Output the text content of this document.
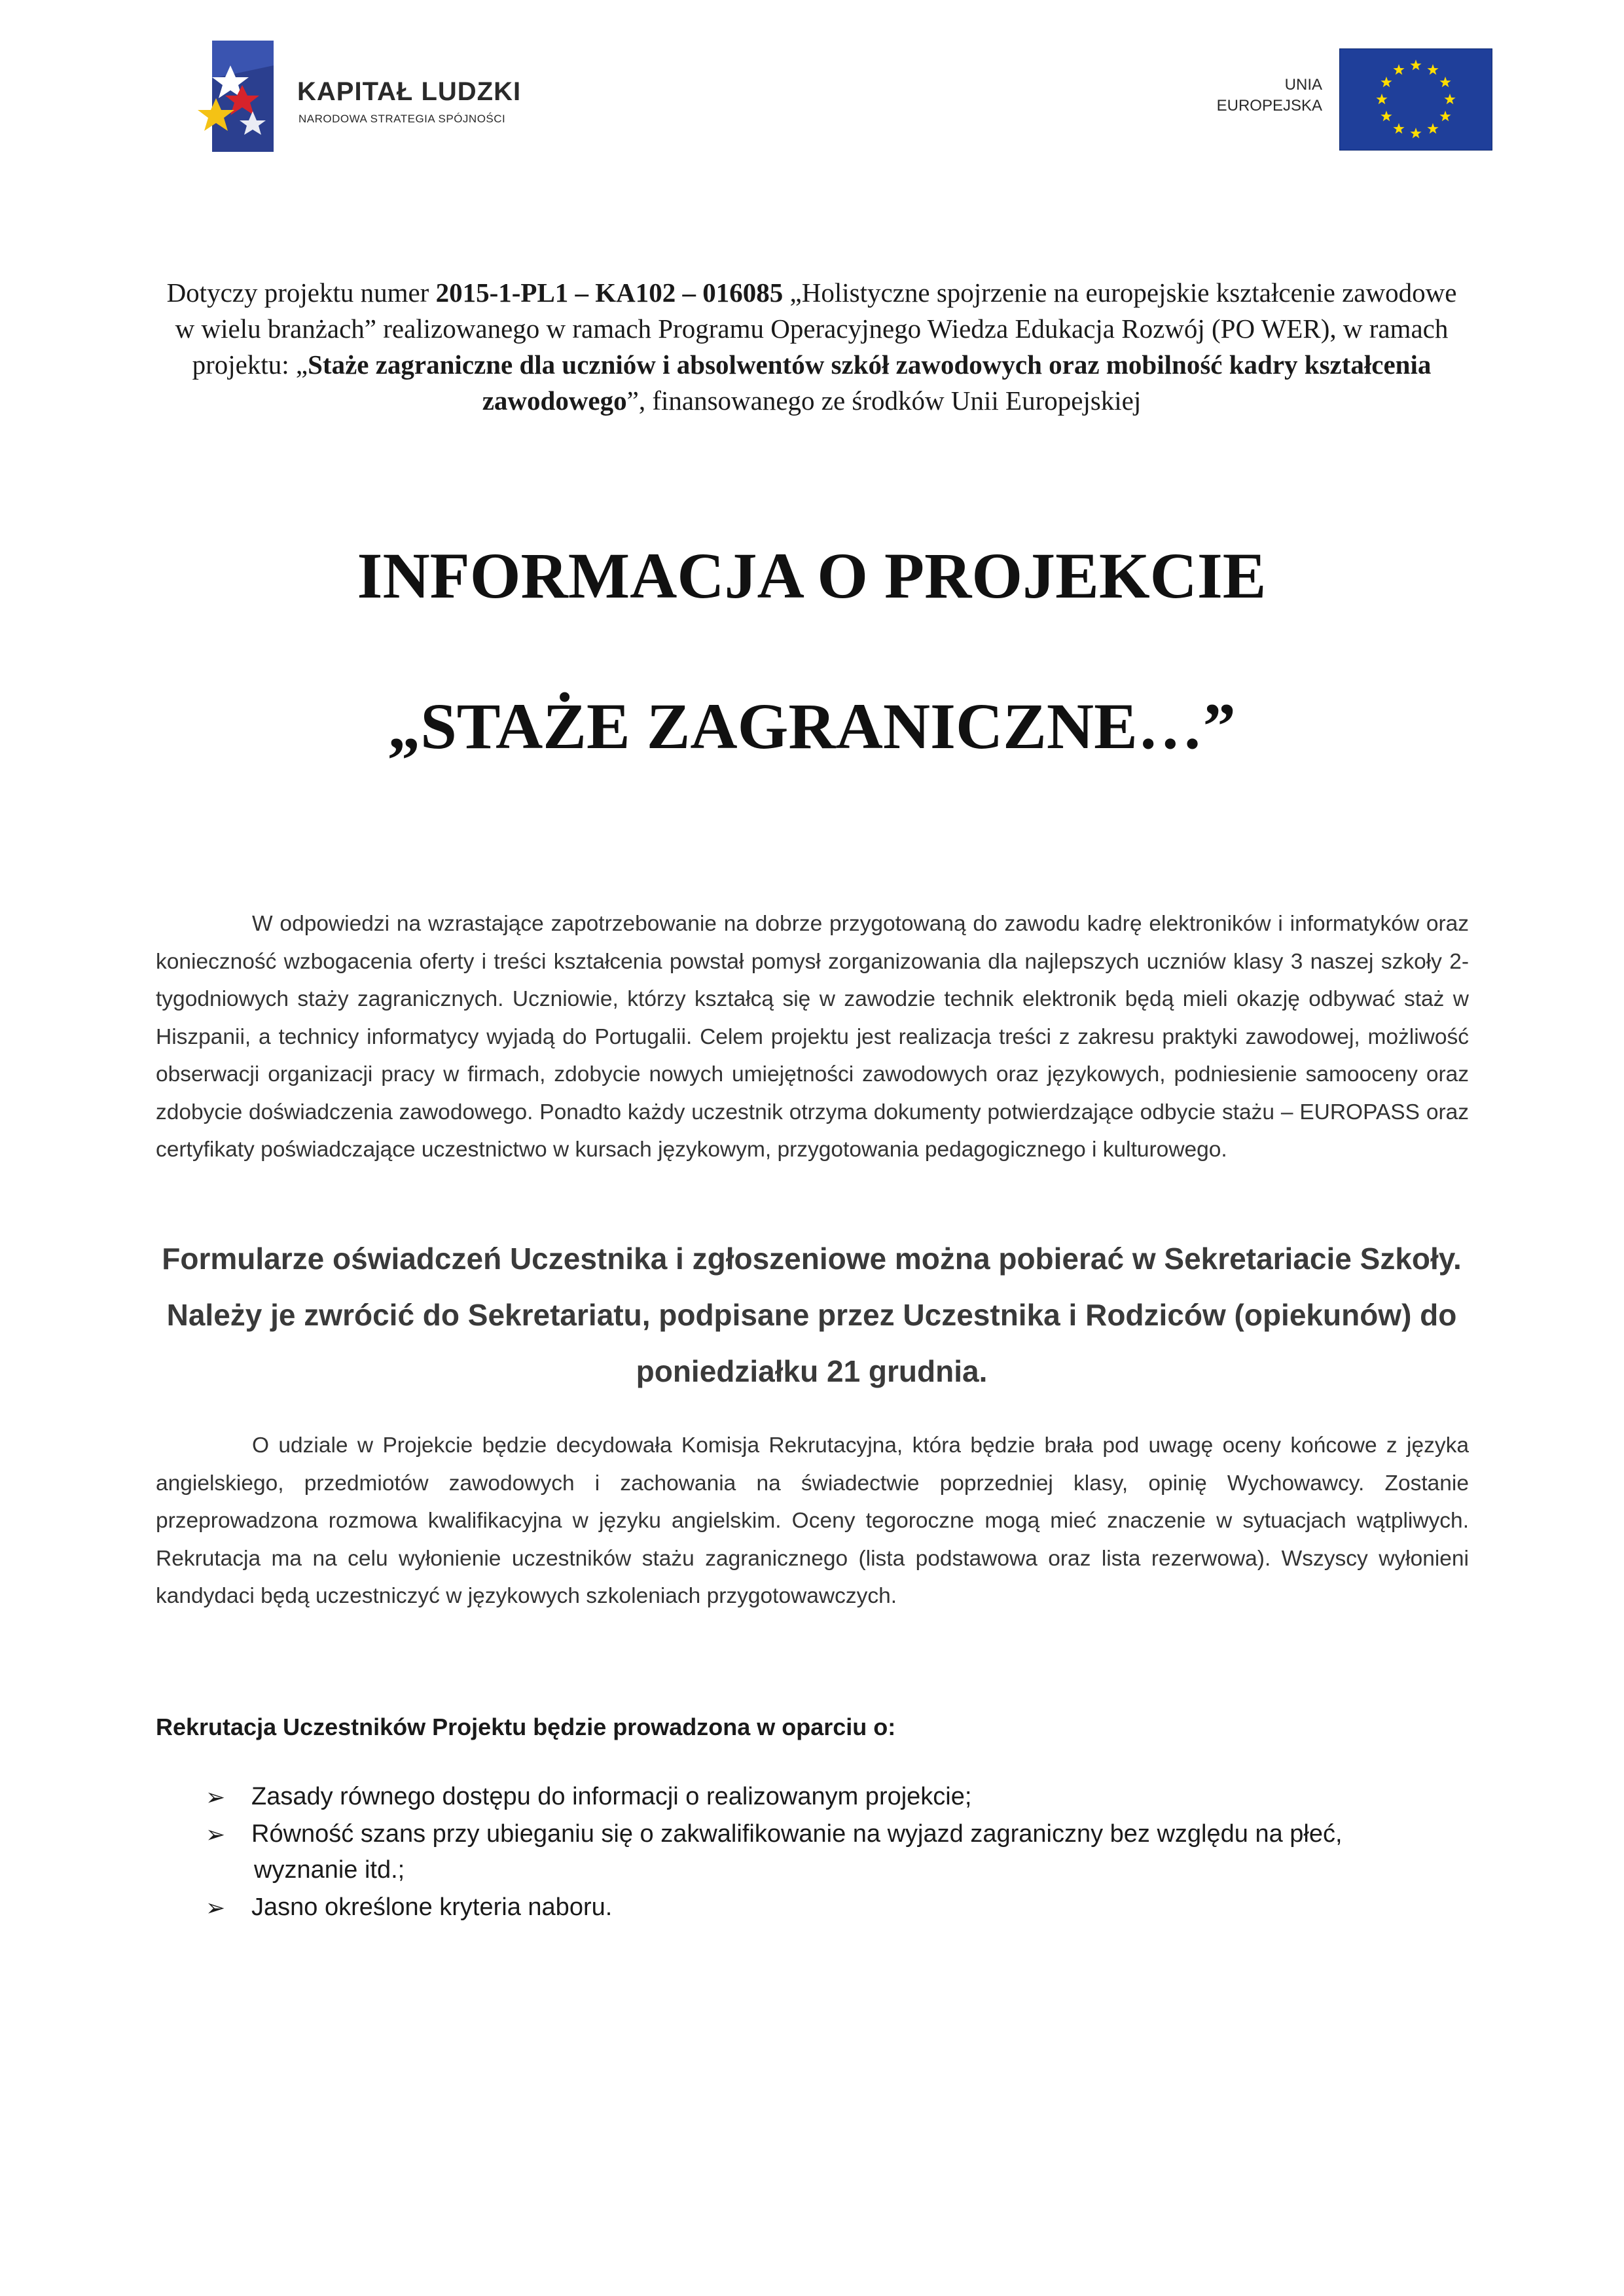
KAPITAŁ LUDZKI
NARODOWA STRATEGIA SPÓJNOŚCI
UNIA
EUROPEJSKA
Dotyczy projektu numer 2015-1-PL1 – KA102 – 016085 „Holistyczne spojrzenie na europejskie kształcenie zawodowe w wielu branżach” realizowanego w ramach Programu Operacyjnego Wiedza Edukacja Rozwój (PO WER), w ramach projektu: „Staże zagraniczne dla uczniów i absolwentów szkół zawodowych oraz mobilność kadry kształcenia zawodowego”, finansowanego ze środków Unii Europejskiej
INFORMACJA O PROJEKCIE
„STAŻE ZAGRANICZNE…”
W odpowiedzi na wzrastające zapotrzebowanie na dobrze przygotowaną do zawodu kadrę elektroników i informatyków oraz konieczność wzbogacenia oferty i treści kształcenia powstał pomysł zorganizowania dla najlepszych uczniów klasy 3 naszej szkoły 2-tygodniowych staży zagranicznych. Uczniowie, którzy kształcą się w zawodzie technik elektronik będą mieli okazję odbywać staż w Hiszpanii, a technicy informatycy wyjadą do Portugalii. Celem projektu jest realizacja treści z zakresu praktyki zawodowej, możliwość obserwacji organizacji pracy w firmach, zdobycie nowych umiejętności zawodowych oraz językowych, podniesienie samooceny oraz zdobycie doświadczenia zawodowego. Ponadto każdy uczestnik otrzyma dokumenty potwierdzające odbycie stażu – EUROPASS oraz certyfikaty poświadczające uczestnictwo w kursach językowym, przygotowania pedagogicznego i kulturowego.
Formularze oświadczeń Uczestnika i zgłoszeniowe można pobierać w Sekretariacie Szkoły. Należy je zwrócić do Sekretariatu, podpisane przez Uczestnika i Rodziców (opiekunów) do poniedziałku 21 grudnia.
O udziale w Projekcie będzie decydowała Komisja Rekrutacyjna, która będzie brała pod uwagę oceny końcowe z języka angielskiego, przedmiotów zawodowych i zachowania na świadectwie poprzedniej klasy, opinię Wychowawcy. Zostanie przeprowadzona rozmowa kwalifikacyjna w języku angielskim. Oceny tegoroczne mogą mieć znaczenie w sytuacjach wątpliwych. Rekrutacja ma na celu wyłonienie uczestników stażu zagranicznego (lista podstawowa oraz lista rezerwowa). Wszyscy wyłonieni kandydaci będą uczestniczyć w językowych szkoleniach przygotowawczych.
Rekrutacja Uczestników Projektu będzie prowadzona w oparciu o:
➢ Zasady równego dostępu do informacji o realizowanym projekcie;
➢ Równość szans przy ubieganiu się o zakwalifikowanie na wyjazd zagraniczny bez względu na płeć,
wyznanie itd.;
➢ Jasno określone kryteria naboru.
